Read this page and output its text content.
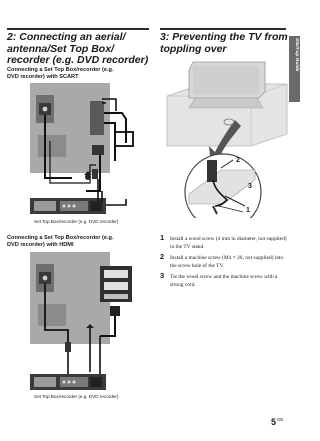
2: Connecting an aerial/
antenna/Set Top Box/
recorder (e.g. DVD recorder)

Connecting a Set Top Box/recorder (e.g.
DVD recorder) with SCART

Set Top Box/recorder (e.g. DVD recorder)

Connecting a Set Top Box/recorder (e.g.
DVD recorder) with HDMI

Set Top Box/recorder (e.g. DVD recorder)

3: Preventing the TV from
toppling over
2
3
1
1 Install a wood screw (4 mm in diameter, not supplied) in the TV stand.
2 Install a machine screw (M4 × 20, not supplied) into the screw hole of the TV.
3 Tie the wood screw and the machine screw with a strong cord.
Start-up Guide
$5^{GB}$
